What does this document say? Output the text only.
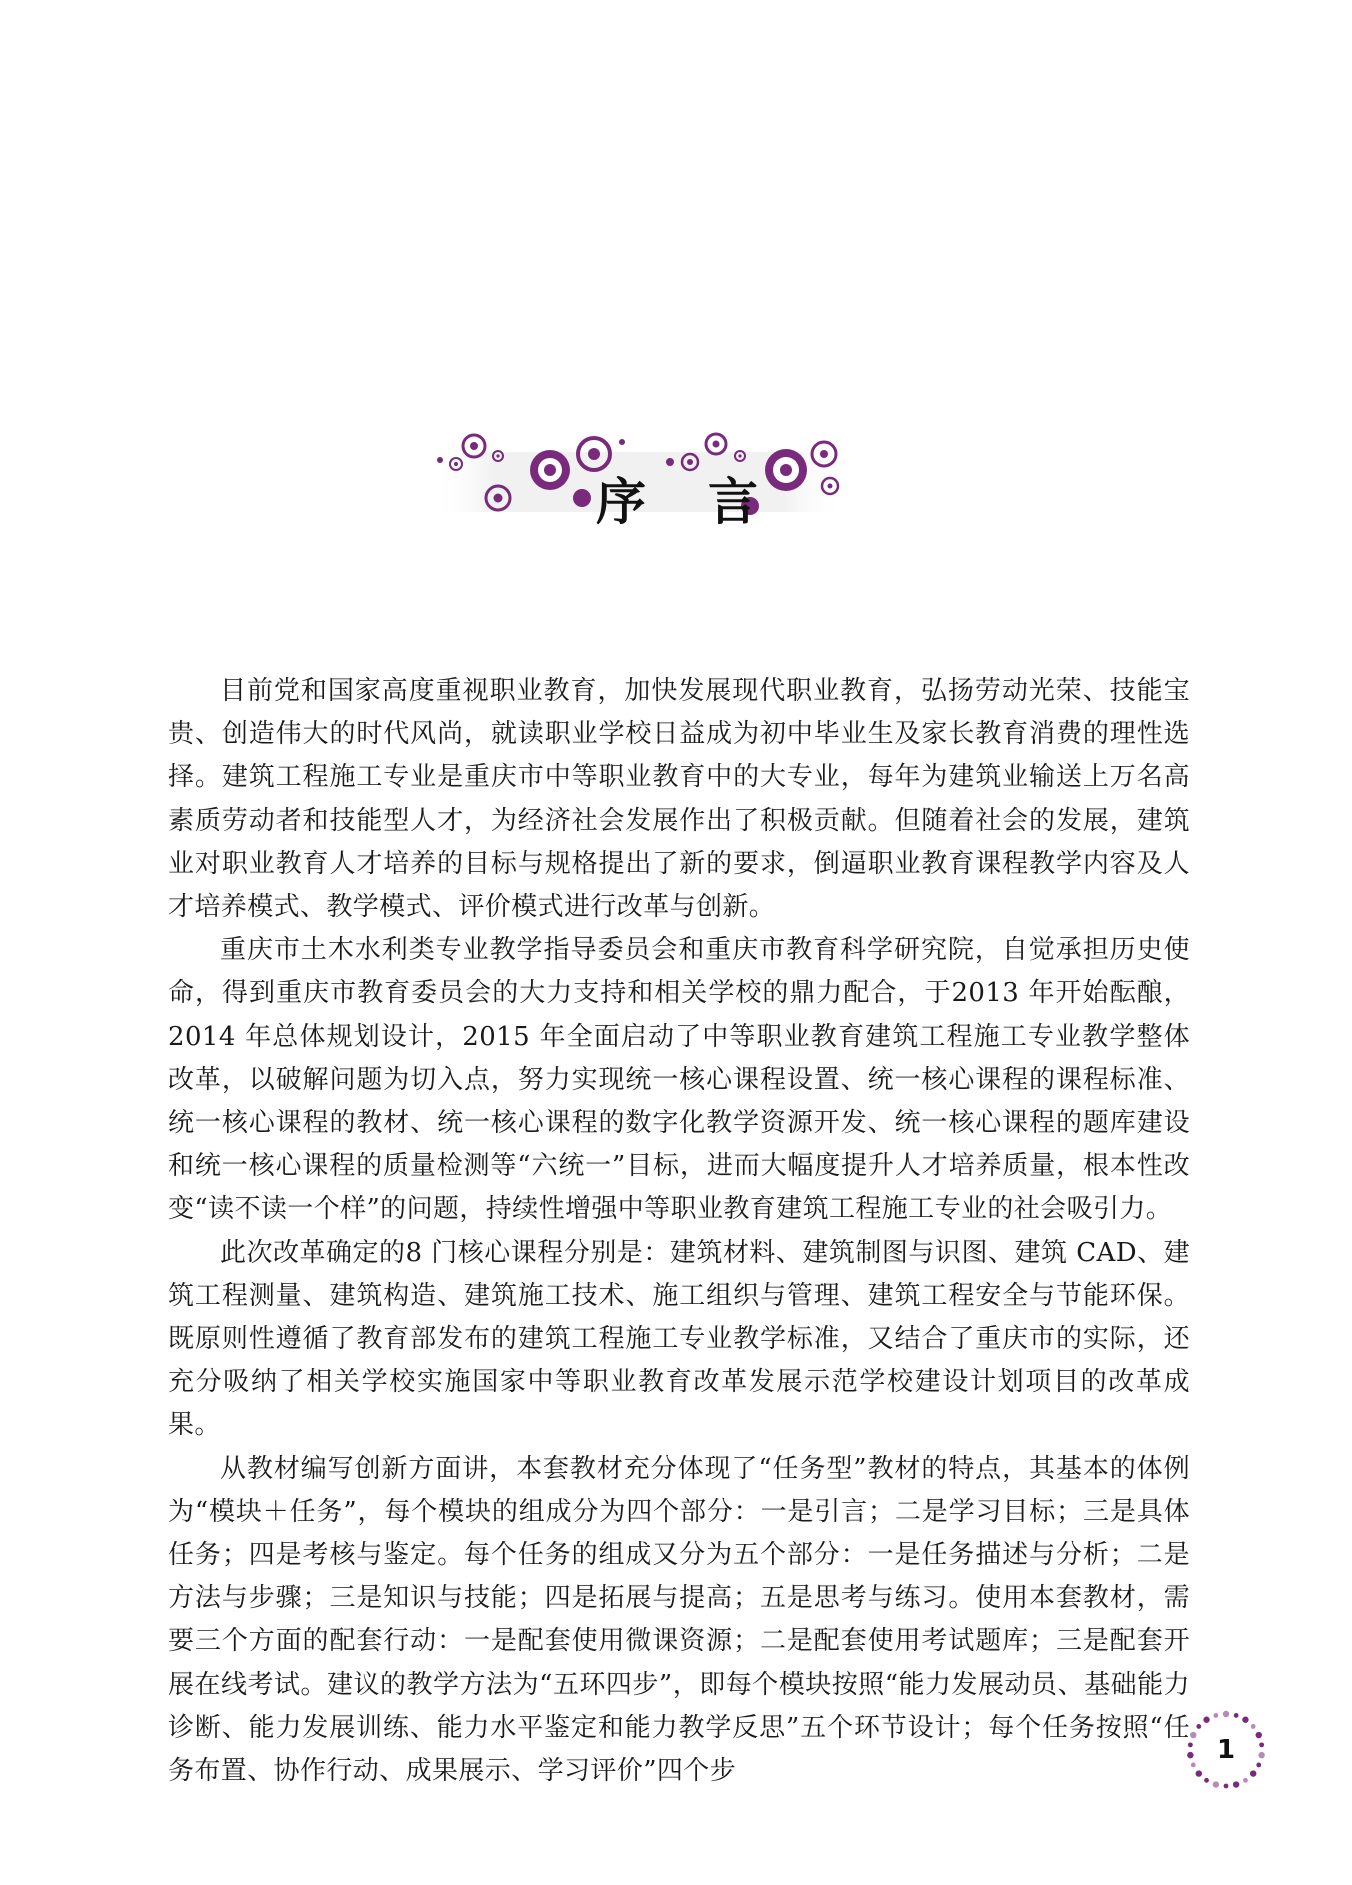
序 言

目前党和国家高度重视职业教育，加快发展现代职业教育，弘扬劳动光荣、技能宝贵、创造伟大的时代风尚，就读职业学校日益成为初中毕业生及家长教育消费的理性选择。建筑工程施工专业是重庆市中等职业教育中的大专业，每年为建筑业输送上万名高素质劳动者和技能型人才，为经济社会发展作出了积极贡献。但随着社会的发展，建筑业对职业教育人才培养的目标与规格提出了新的要求，倒逼职业教育课程教学内容及人才培养模式、教学模式、评价模式进行改革与创新。

重庆市土木水利类专业教学指导委员会和重庆市教育科学研究院，自觉承担历史使命，得到重庆市教育委员会的大力支持和相关学校的鼎力配合，于2013 年开始酝酿，2014 年总体规划设计，2015 年全面启动了中等职业教育建筑工程施工专业教学整体改革，以破解问题为切入点，努力实现统一核心课程设置、统一核心课程的课程标准、统一核心课程的教材、统一核心课程的数字化教学资源开发、统一核心课程的题库建设和统一核心课程的质量检测等“六统一”目标，进而大幅度提升人才培养质量，根本性改变“读不读一个样”的问题，持续性增强中等职业教育建筑工程施工专业的社会吸引力。

此次改革确定的8 门核心课程分别是：建筑材料、建筑制图与识图、建筑 CAD、建筑工程测量、建筑构造、建筑施工技术、施工组织与管理、建筑工程安全与节能环保。既原则性遵循了教育部发布的建筑工程施工专业教学标准，又结合了重庆市的实际，还充分吸纳了相关学校实施国家中等职业教育改革发展示范学校建设计划项目的改革成果。

从教材编写创新方面讲，本套教材充分体现了“任务型”教材的特点，其基本的体例为“模块＋任务”，每个模块的组成分为四个部分：一是引言；二是学习目标；三是具体任务；四是考核与鉴定。每个任务的组成又分为五个部分：一是任务描述与分析；二是方法与步骤；三是知识与技能；四是拓展与提高；五是思考与练习。使用本套教材，需要三个方面的配套行动：一是配套使用微课资源；二是配套使用考试题库；三是配套开展在线考试。建议的教学方法为“五环四步”，即每个模块按照“能力发展动员、基础能力诊断、能力发展训练、能力水平鉴定和能力教学反思”五个环节设计；每个任务按照“任务布置、协作行动、成果展示、学习评价”四个步

1
